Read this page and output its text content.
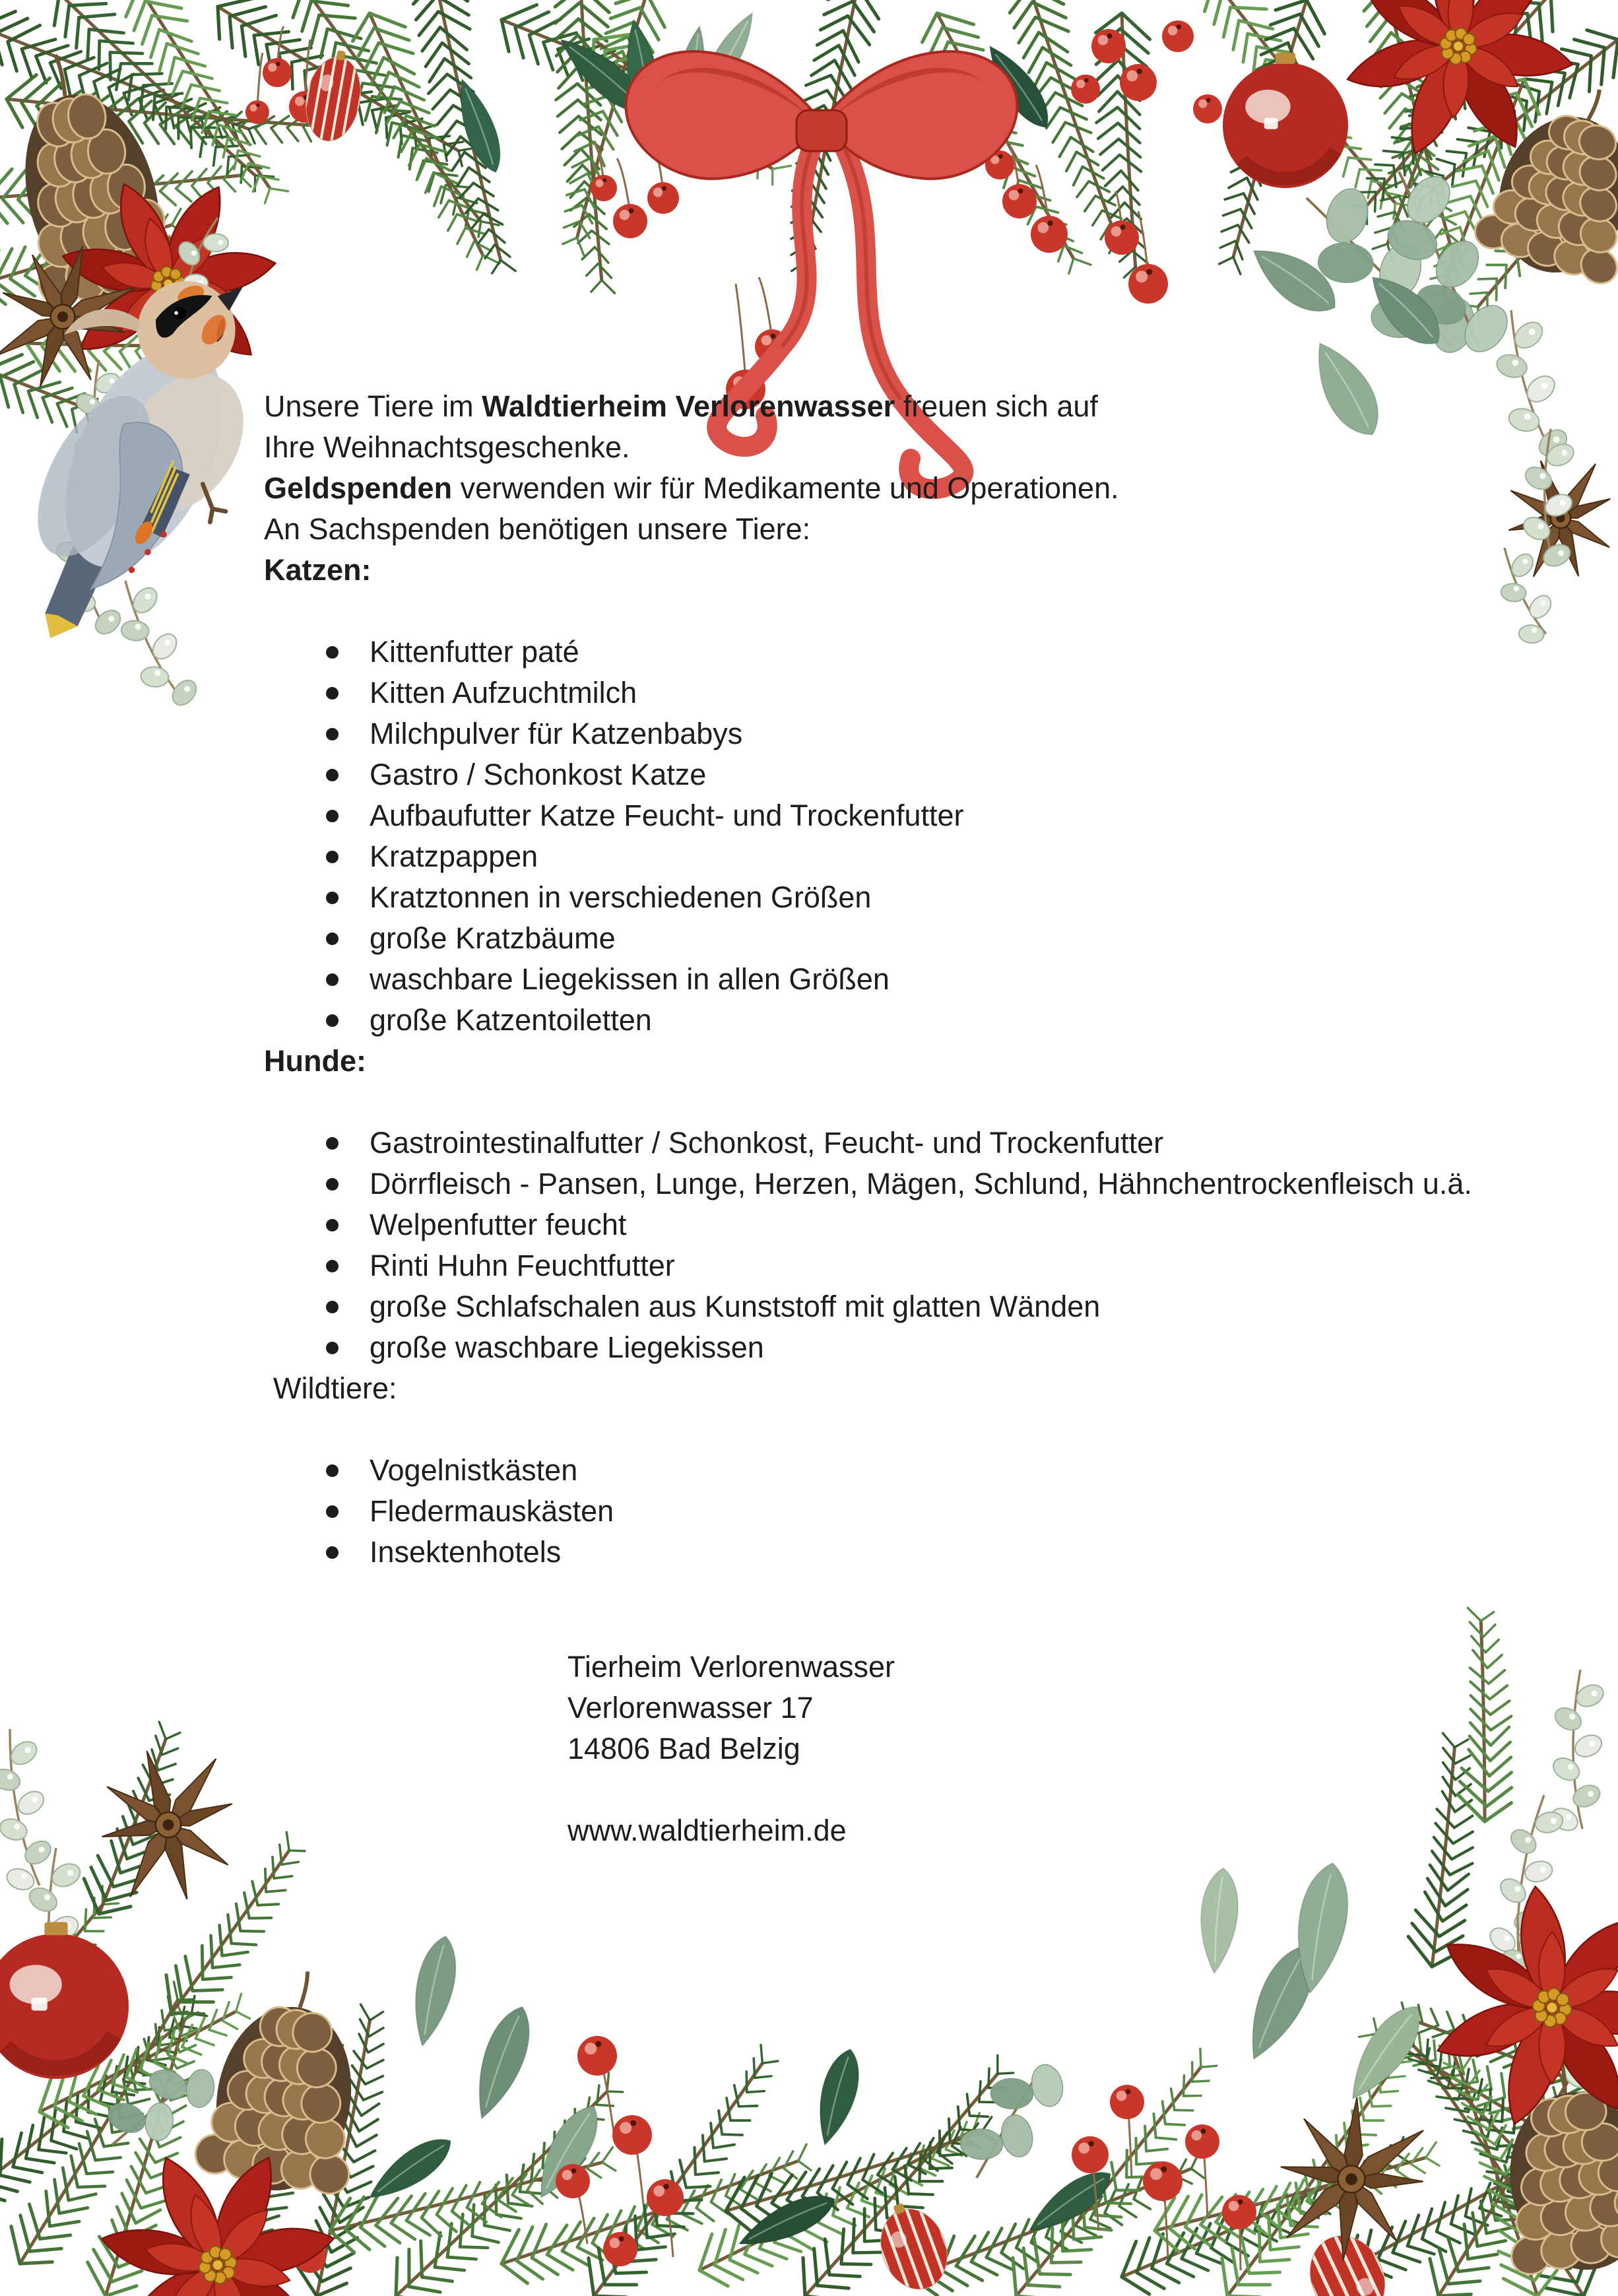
Unsere Tiere im Waldtierheim Verlorenwasser freuen sich auf
Ihre Weihnachtsgeschenke.

Geldspenden verwenden wir für Medikamente und Operationen.

An Sachspenden benötigen unsere Tiere:

Katzen:
Kittenfutter paté
Kitten Aufzuchtmilch
Milchpulver für Katzenbabys
Gastro / Schonkost Katze
Aufbaufutter Katze Feucht- und Trockenfutter
Kratzpappen
Kratztonnen in verschiedenen Größen
große Kratzbäume
waschbare Liegekissen in allen Größen
große Katzentoiletten
Hunde:
Gastrointestinalfutter / Schonkost, Feucht- und Trockenfutter
Dörrfleisch - Pansen, Lunge, Herzen, Mägen, Schlund, Hähnchentrockenfleisch u.ä.
Welpenfutter feucht
Rinti Huhn Feuchtfutter
große Schlafschalen aus Kunststoff mit glatten Wänden
große waschbare Liegekissen
Wildtiere:
Vogelnistkästen
Fledermauskästen
Insektenhotels
Tierheim Verlorenwasser
Verlorenwasser 17
14806 Bad Belzig
www.waldtierheim.de
